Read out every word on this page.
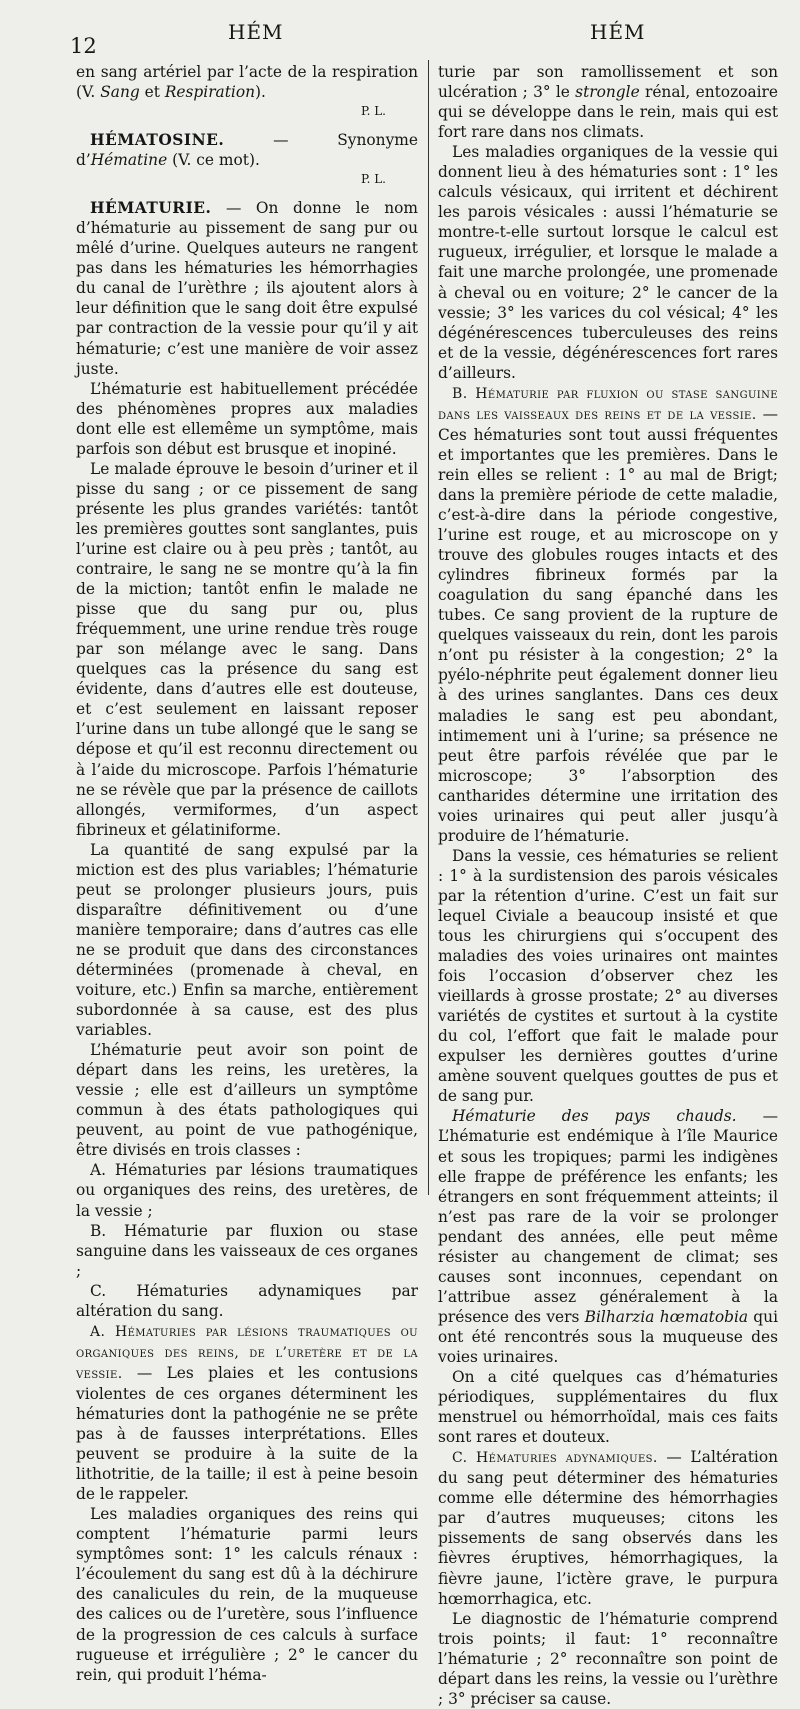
12
HÉM	HÉM

en sang artériel par l’acte de la respiration (V. Sang et Respiration).
P. L.

HÉMATOSINE. — Synonyme d’Hématine (V. ce mot).
P. L.

HÉMATURIE. — On donne le nom d’hématurie au pissement de sang pur ou mêlé d’urine. Quelques auteurs ne rangent pas dans les hématuries les hémorrhagies du canal de l’urèthre ; ils ajoutent alors à leur définition que le sang doit être expulsé par contraction de la vessie pour qu’il y ait hématurie; c’est une manière de voir assez juste.

L’hématurie est habituellement précédée des phénomènes propres aux maladies dont elle est ellemême un symptôme, mais parfois son début est brusque et inopiné.

Le malade éprouve le besoin d’uriner et il pisse du sang ; or ce pissement de sang présente les plus grandes variétés: tantôt les premières gouttes sont sanglantes, puis l’urine est claire ou à peu près ; tantôt, au contraire, le sang ne se montre qu’à la fin de la miction; tantôt enfin le malade ne pisse que du sang pur ou, plus fréquemment, une urine rendue très rouge par son mélange avec le sang. Dans quelques cas la présence du sang est évidente, dans d’autres elle est douteuse, et c’est seulement en laissant reposer l’urine dans un tube allongé que le sang se dépose et qu’il est reconnu directement ou à l’aide du microscope. Parfois l’hématurie ne se révèle que par la présence de caillots allongés, vermiformes, d’un aspect fibrineux et gélatiniforme.

La quantité de sang expulsé par la miction est des plus variables; l’hématurie peut se prolonger plusieurs jours, puis disparaître définitivement ou d’une manière temporaire; dans d’autres cas elle ne se produit que dans des circonstances déterminées (promenade à cheval, en voiture, etc.) Enfin sa marche, entièrement subordonnée à sa cause, est des plus variables.

L’hématurie peut avoir son point de départ dans les reins, les uretères, la vessie ; elle est d’ailleurs un symptôme commun à des états pathologiques qui peuvent, au point de vue pathogénique, être divisés en trois classes :

A. Hématuries par lésions traumatiques ou organiques des reins, des uretères, de la vessie ;

B. Hématurie par fluxion ou stase sanguine dans les vaisseaux de ces organes ;

C. Hématuries adynamiques par altération du sang.

A. Hématuries par lésions traumatiques ou organiques des reins, de l’uretère et de la vessie. — Les plaies et les contusions violentes de ces organes déterminent les hématuries dont la pathogénie ne se prête pas à de fausses interprétations. Elles peuvent se produire à la suite de la lithotritie, de la taille; il est à peine besoin de le rappeler.

Les maladies organiques des reins qui comptent l’hématurie parmi leurs symptômes sont: 1° les calculs rénaux : l’écoulement du sang est dû à la déchirure des canalicules du rein, de la muqueuse des calices ou de l’uretère, sous l’influence de la progression de ces calculs à surface rugueuse et irrégulière ; 2° le cancer du rein, qui produit l’héma-

turie par son ramollissement et son ulcération ; 3° le strongle rénal, entozoaire qui se développe dans le rein, mais qui est fort rare dans nos climats.

Les maladies organiques de la vessie qui donnent lieu à des hématuries sont : 1° les calculs vésicaux, qui irritent et déchirent les parois vésicales : aussi l’hématurie se montre-t-elle surtout lorsque le calcul est rugueux, irrégulier, et lorsque le malade a fait une marche prolongée, une promenade à cheval ou en voiture; 2° le cancer de la vessie; 3° les varices du col vésical; 4° les dégénérescences tuberculeuses des reins et de la vessie, dégénérescences fort rares d’ailleurs.

B. Hématurie par fluxion ou stase sanguine dans les vaisseaux des reins et de la vessie. — Ces hématuries sont tout aussi fréquentes et importantes que les premières. Dans le rein elles se relient : 1° au mal de Brigt; dans la première période de cette maladie, c’est-à-dire dans la période congestive, l’urine est rouge, et au microscope on y trouve des globules rouges intacts et des cylindres fibrineux formés par la coagulation du sang épanché dans les tubes. Ce sang provient de la rupture de quelques vaisseaux du rein, dont les parois n’ont pu résister à la congestion; 2° la pyélo-néphrite peut également donner lieu à des urines sanglantes. Dans ces deux maladies le sang est peu abondant, intimement uni à l’urine; sa présence ne peut être parfois révélée que par le microscope; 3° l’absorption des cantharides détermine une irritation des voies urinaires qui peut aller jusqu’à produire de l’hématurie.

Dans la vessie, ces hématuries se relient : 1° à la surdistension des parois vésicales par la rétention d’urine. C’est un fait sur lequel Civiale a beaucoup insisté et que tous les chirurgiens qui s’occupent des maladies des voies urinaires ont maintes fois l’occasion d’observer chez les vieillards à grosse prostate; 2° au diverses variétés de cystites et surtout à la cystite du col, l’effort que fait le malade pour expulser les dernières gouttes d’urine amène souvent quelques gouttes de pus et de sang pur.

Hématurie des pays chauds. — L’hématurie est endémique à l’île Maurice et sous les tropiques; parmi les indigènes elle frappe de préférence les enfants; les étrangers en sont fréquemment atteints; il n’est pas rare de la voir se prolonger pendant des années, elle peut même résister au changement de climat; ses causes sont inconnues, cependant on l’attribue assez généralement à la présence des vers Bilharzia hœmatobia qui ont été rencontrés sous la muqueuse des voies urinaires.

On a cité quelques cas d’hématuries périodiques, supplémentaires du flux menstruel ou hémorrhoïdal, mais ces faits sont rares et douteux.

C. Hématuries adynamiques. — L’altération du sang peut déterminer des hématuries comme elle détermine des hémorrhagies par d’autres muqueuses; citons les pissements de sang observés dans les fièvres éruptives, hémorrhagiques, la fièvre jaune, l’ictère grave, le purpura hœmorrhagica, etc.

Le diagnostic de l’hématurie comprend trois points; il faut: 1° reconnaître l’hématurie ; 2° reconnaître son point de départ dans les reins, la vessie ou l’urèthre ; 3° préciser sa cause.
